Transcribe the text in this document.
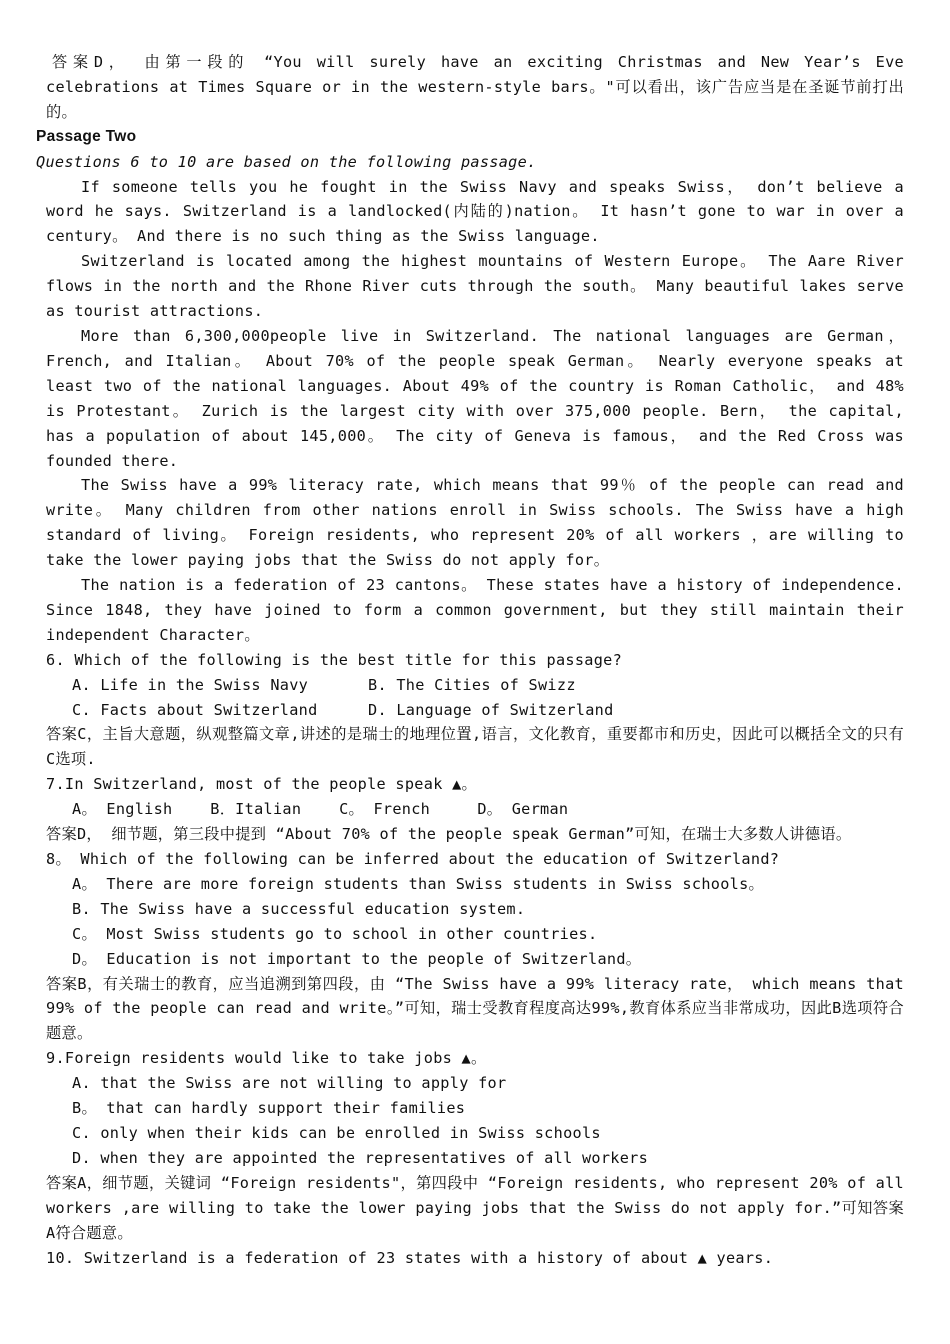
答案D， 由第一段的 “You will surely have an exciting Christmas and New Year’s Eve celebrations at Times Square or in the western-style bars。"可以看出，该广告应当是在圣诞节前打出的。

Passage Two

Questions 6 to 10 are based on the following passage.

If someone tells you he fought in the Swiss Navy and speaks Swiss， don’t believe a word he says. Switzerland is a landlocked(内陆的)nation。 It hasn’t gone to war in over a century。 And there is no such thing as the Swiss language.

Switzerland is located among the highest mountains of Western Europe。 The Aare River flows in the north and the Rhone River cuts through the south。 Many beautiful lakes serve as tourist attractions.

More than 6,300,000people live in Switzerland. The national languages are German， French, and Italian。 About 70% of the people speak German。 Nearly everyone speaks at least two of the national languages. About 49% of the country is Roman Catholic， and 48% is Protestant。 Zurich is the largest city with over 375,000 people. Bern， the capital, has a population of about 145,000。 The city of Geneva is famous， and the Red Cross was founded there.

The Swiss have a 99% literacy rate, which means that 99％ of the people can read and write。 Many children from other nations enroll in Swiss schools. The Swiss have a high standard of living。 Foreign residents, who represent 20% of all workers ，are willing to take the lower paying jobs that the Swiss do not apply for。

The nation is a federation of 23 cantons。 These states have a history of independence. Since 1848, they have joined to form a common government, but they still maintain their independent Character。

6. Which of the following is the best title for this passage?

A. Life in the Swiss Navy	B. The Cities of Swizz
C. Facts about Switzerland	D. Language of Switzerland

答案C，主旨大意题，纵观整篇文章,讲述的是瑞士的地理位置,语言，文化教育，重要都市和历史，因此可以概括全文的只有C选项.

7.In Switzerland, most of the people speak ▲。

A。 English    B．Italian    C。 French     D。 German

答案D， 细节题，第三段中提到 “About 70% of the people speak German”可知，在瑞士大多数人讲德语。

8。 Which of the following can be inferred about the education of Switzerland?

A。 There are more foreign students than Swiss students in Swiss schools。

B. The Swiss have a successful education system.

C。 Most Swiss students go to school in other countries.

D。 Education is not important to the people of Switzerland。

答案B，有关瑞士的教育，应当追溯到第四段，由 “The Swiss have a 99% literacy rate， which means that 99% of the people can read and write。”可知，瑞士受教育程度高达99%,教育体系应当非常成功，因此B选项符合题意。

9.Foreign residents would like to take jobs ▲。

A. that the Swiss are not willing to apply for

B。 that can hardly support their families

C. only when their kids can be enrolled in Swiss schools

D. when they are appointed the representatives of all workers

答案A，细节题，关键词 “Foreign residents"，第四段中 “Foreign residents, who represent 20% of all workers ,are willing to take the lower paying jobs that the Swiss do not apply for.”可知答案A符合题意。

10. Switzerland is a federation of 23 states with a history of about ▲ years.
